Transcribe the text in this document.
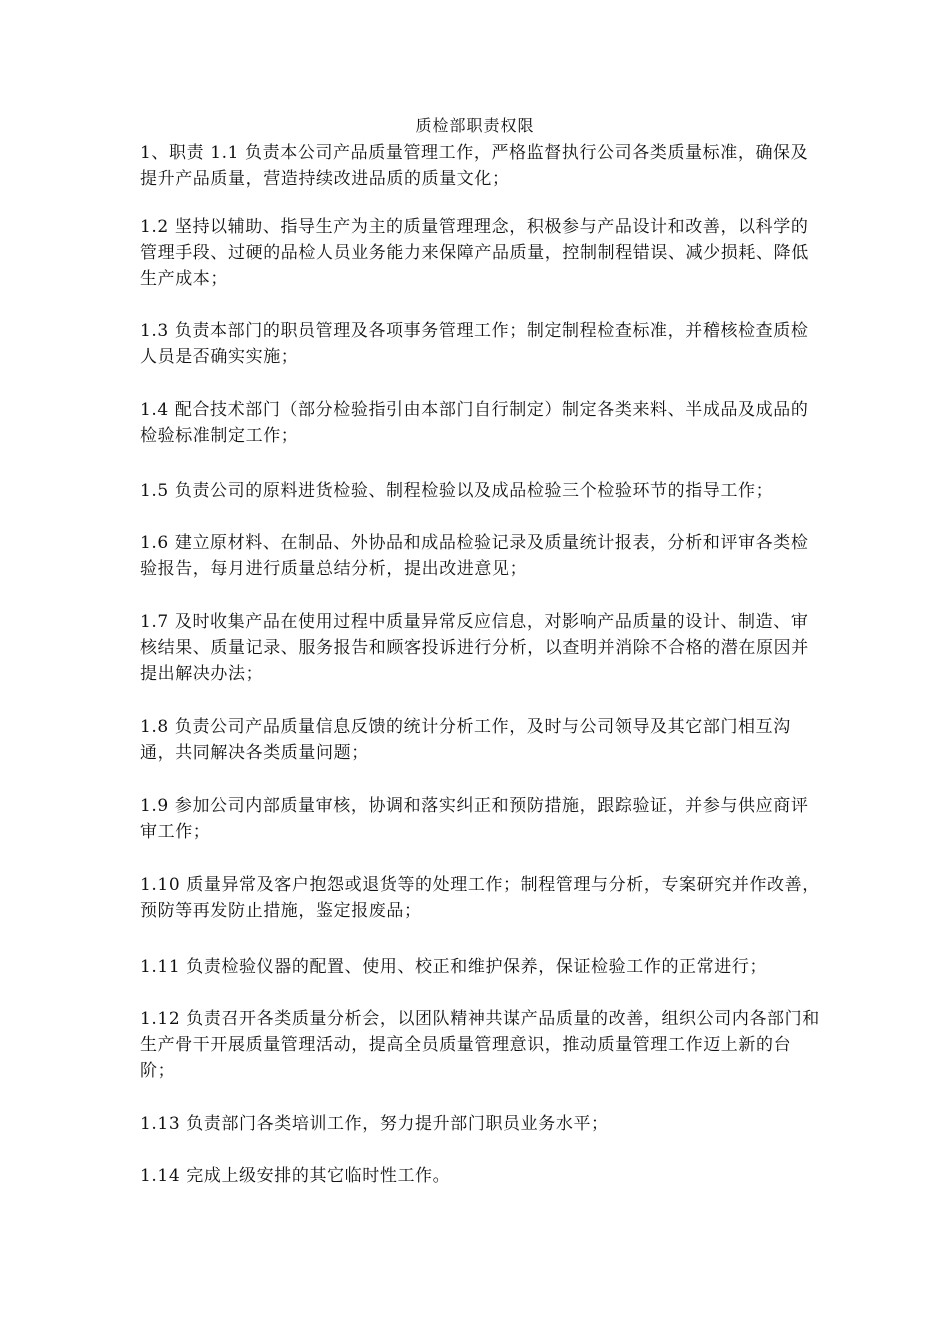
质检部职责权限

1、职责 1.1 负责本公司产品质量管理工作，严格监督执行公司各类质量标准，确保及提升产品质量，营造持续改进品质的质量文化；

1.2 坚持以辅助、指导生产为主的质量管理理念，积极参与产品设计和改善，以科学的管理手段、过硬的品检人员业务能力来保障产品质量，控制制程错误、减少损耗、降低生产成本；

1.3 负责本部门的职员管理及各项事务管理工作；制定制程检查标准，并稽核检查质检人员是否确实实施；

1.4 配合技术部门（部分检验指引由本部门自行制定）制定各类来料、半成品及成品的检验标准制定工作；

1.5 负责公司的原料进货检验、制程检验以及成品检验三个检验环节的指导工作；

1.6 建立原材料、在制品、外协品和成品检验记录及质量统计报表，分析和评审各类检验报告，每月进行质量总结分析，提出改进意见；

1.7 及时收集产品在使用过程中质量异常反应信息，对影响产品质量的设计、制造、审核结果、质量记录、服务报告和顾客投诉进行分析，以查明并消除不合格的潜在原因并提出解决办法；

1.8 负责公司产品质量信息反馈的统计分析工作，及时与公司领导及其它部门相互沟通，共同解决各类质量问题；

1.9 参加公司内部质量审核，协调和落实纠正和预防措施，跟踪验证，并参与供应商评审工作；

1.10 质量异常及客户抱怨或退货等的处理工作；制程管理与分析，专案研究并作改善，预防等再发防止措施，鉴定报废品；

1.11 负责检验仪器的配置、使用、校正和维护保养，保证检验工作的正常进行；

1.12 负责召开各类质量分析会，以团队精神共谋产品质量的改善，组织公司内各部门和生产骨干开展质量管理活动，提高全员质量管理意识，推动质量管理工作迈上新的台阶；

1.13 负责部门各类培训工作，努力提升部门职员业务水平；

1.14 完成上级安排的其它临时性工作。
